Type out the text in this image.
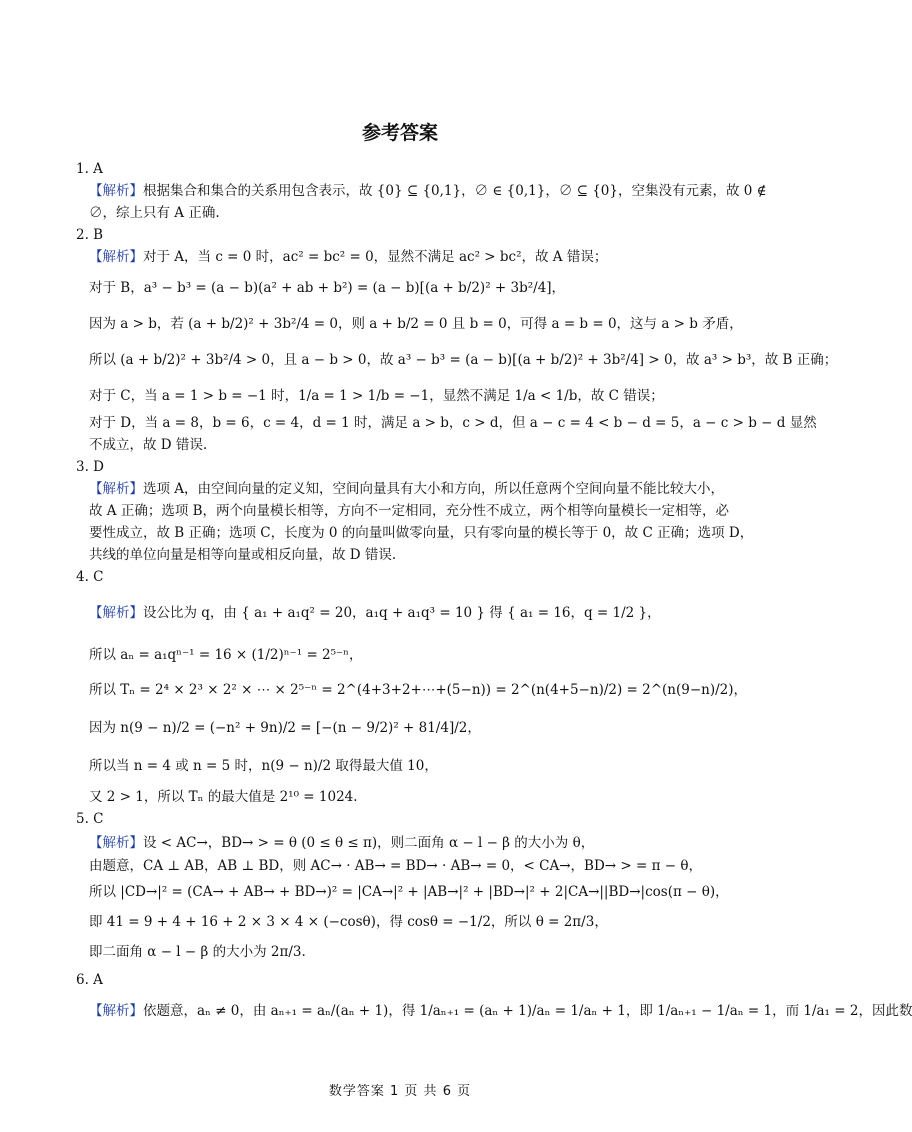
参考答案
1. A
【解析】根据集合和集合的关系用包含表示，故 {0} ⊆ {0,1}，∅ ∈ {0,1}，∅ ⊆ {0}，空集没有元素，故 0 ∉
∅，综上只有 A 正确.
2. B
【解析】对于 A，当 c = 0 时，ac² = bc² = 0，显然不满足 ac² > bc²，故 A 错误；
对于 B，a³ − b³ = (a − b)(a² + ab + b²) = (a − b)[(a + b/2)² + 3b²/4]，
因为 a > b，若 (a + b/2)² + 3b²/4 = 0，则 a + b/2 = 0 且 b = 0，可得 a = b = 0，这与 a > b 矛盾，
所以 (a + b/2)² + 3b²/4 > 0，且 a − b > 0，故 a³ − b³ = (a − b)[(a + b/2)² + 3b²/4] > 0，故 a³ > b³，故 B 正确；
对于 C，当 a = 1 > b = −1 时，1/a = 1 > 1/b = −1，显然不满足 1/a < 1/b，故 C 错误；
对于 D，当 a = 8，b = 6，c = 4，d = 1 时，满足 a > b，c > d，但 a − c = 4 < b − d = 5，a − c > b − d 显然
不成立，故 D 错误.
3. D
【解析】选项 A，由空间向量的定义知，空间向量具有大小和方向，所以任意两个空间向量不能比较大小，
故 A 正确；选项 B，两个向量模长相等，方向不一定相同，充分性不成立，两个相等向量模长一定相等，必
要性成立，故 B 正确；选项 C，长度为 0 的向量叫做零向量，只有零向量的模长等于 0，故 C 正确；选项 D，
共线的单位向量是相等向量或相反向量，故 D 错误.
4. C
【解析】设公比为 q，由 { a₁ + a₁q² = 20，a₁q + a₁q³ = 10 } 得 { a₁ = 16，q = 1/2 }，
所以 aₙ = a₁qⁿ⁻¹ = 16 × (1/2)ⁿ⁻¹ = 2⁵⁻ⁿ，
所以 Tₙ = 2⁴ × 2³ × 2² × ⋯ × 2⁵⁻ⁿ = 2^(4+3+2+⋯+(5−n)) = 2^(n(4+5−n)/2) = 2^(n(9−n)/2)，
因为 n(9 − n)/2 = (−n² + 9n)/2 = [−(n − 9/2)² + 81/4]/2，
所以当 n = 4 或 n = 5 时，n(9 − n)/2 取得最大值 10，
又 2 > 1，所以 Tₙ 的最大值是 2¹⁰ = 1024.
5. C
【解析】设 < AC→，BD→ > = θ (0 ≤ θ ≤ π)，则二面角 α − l − β 的大小为 θ，
由题意，CA ⊥ AB，AB ⊥ BD，则 AC→ · AB→ = BD→ · AB→ = 0，< CA→，BD→ > = π − θ，
所以 |CD→|² = (CA→ + AB→ + BD→)² = |CA→|² + |AB→|² + |BD→|² + 2|CA→||BD→|cos(π − θ)，
即 41 = 9 + 4 + 16 + 2 × 3 × 4 × (−cosθ)，得 cosθ = −1/2，所以 θ = 2π/3，
即二面角 α − l − β 的大小为 2π/3.
6. A
【解析】依题意，aₙ ≠ 0，由 aₙ₊₁ = aₙ/(aₙ + 1)，得 1/aₙ₊₁ = (aₙ + 1)/aₙ = 1/aₙ + 1，即 1/aₙ₊₁ − 1/aₙ = 1，而 1/a₁ = 2，因此数
数学答案 1 页 共 6 页
